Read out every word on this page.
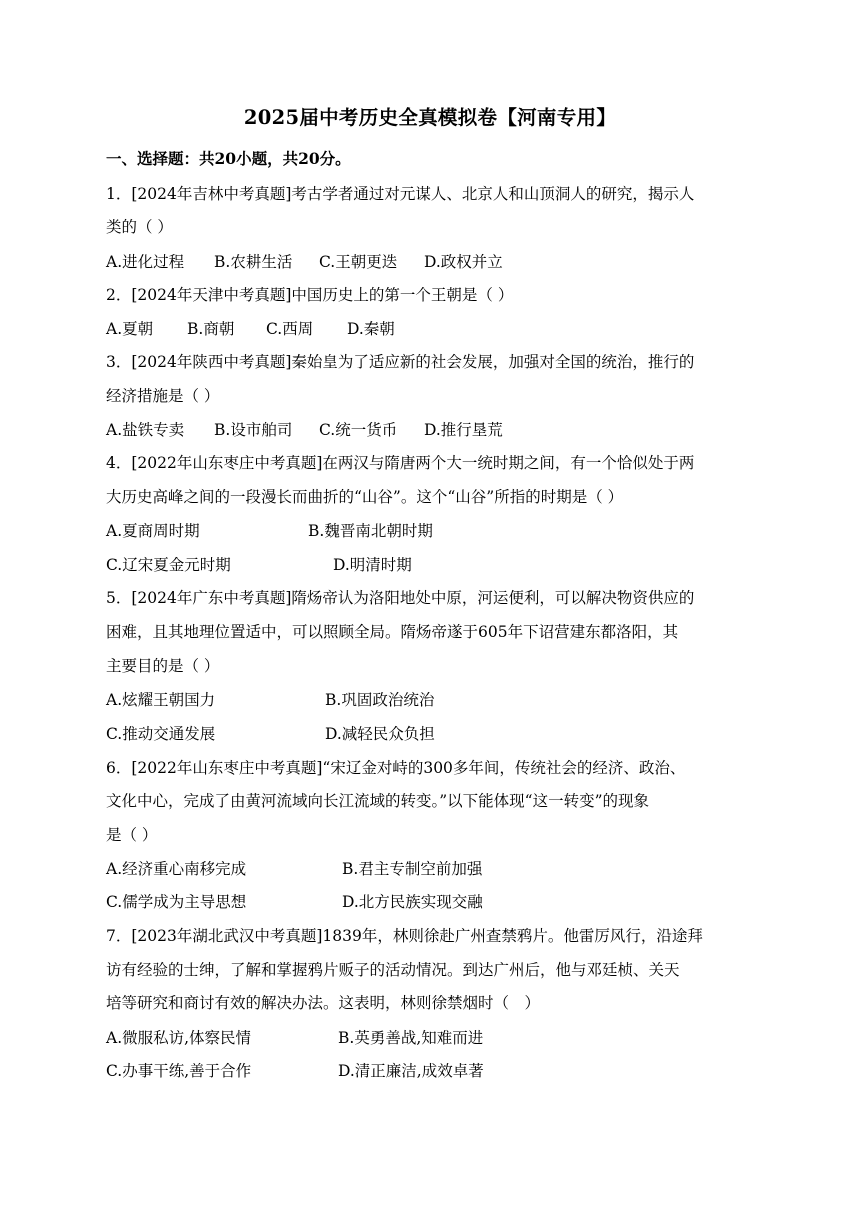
2025届中考历史全真模拟卷【河南专用】
一、选择题：共20小题，共20分。
1．[2024年吉林中考真题]考古学者通过对元谋人、北京人和山顶洞人的研究，揭示人
类的（ ）
A.进化过程 B.农耕生活 C.王朝更迭 D.政权并立
2．[2024年天津中考真题]中国历史上的第一个王朝是（ ）
A.夏朝 B.商朝 C.西周 D.秦朝
3．[2024年陕西中考真题]秦始皇为了适应新的社会发展，加强对全国的统治，推行的
经济措施是（ ）
A.盐铁专卖 B.设市舶司 C.统一货币 D.推行垦荒
4．[2022年山东枣庄中考真题]在两汉与隋唐两个大一统时期之间，有一个恰似处于两
大历史高峰之间的一段漫长而曲折的“山谷”。这个“山谷”所指的时期是（ ）
A.夏商周时期	B.魏晋南北朝时期
C.辽宋夏金元时期	D.明清时期
5．[2024年广东中考真题]隋炀帝认为洛阳地处中原，河运便利，可以解决物资供应的
困难，且其地理位置适中，可以照顾全局。隋炀帝遂于605年下诏营建东都洛阳，其
主要目的是（ ）
A.炫耀王朝国力	B.巩固政治统治
C.推动交通发展	D.减轻民众负担
6．[2022年山东枣庄中考真题]“宋辽金对峙的300多年间，传统社会的经济、政治、
文化中心，完成了由黄河流域向长江流域的转变。”以下能体现“这一转变”的现象
是（ ）
A.经济重心南移完成	B.君主专制空前加强
C.儒学成为主导思想	D.北方民族实现交融
7．[2023年湖北武汉中考真题]1839年，林则徐赴广州查禁鸦片。他雷厉风行，沿途拜
访有经验的士绅，了解和掌握鸦片贩子的活动情况。到达广州后，他与邓廷桢、关天
培等研究和商讨有效的解决办法。这表明，林则徐禁烟时（　）
A.微服私访,体察民情	B.英勇善战,知难而进
C.办事干练,善于合作	D.清正廉洁,成效卓著
